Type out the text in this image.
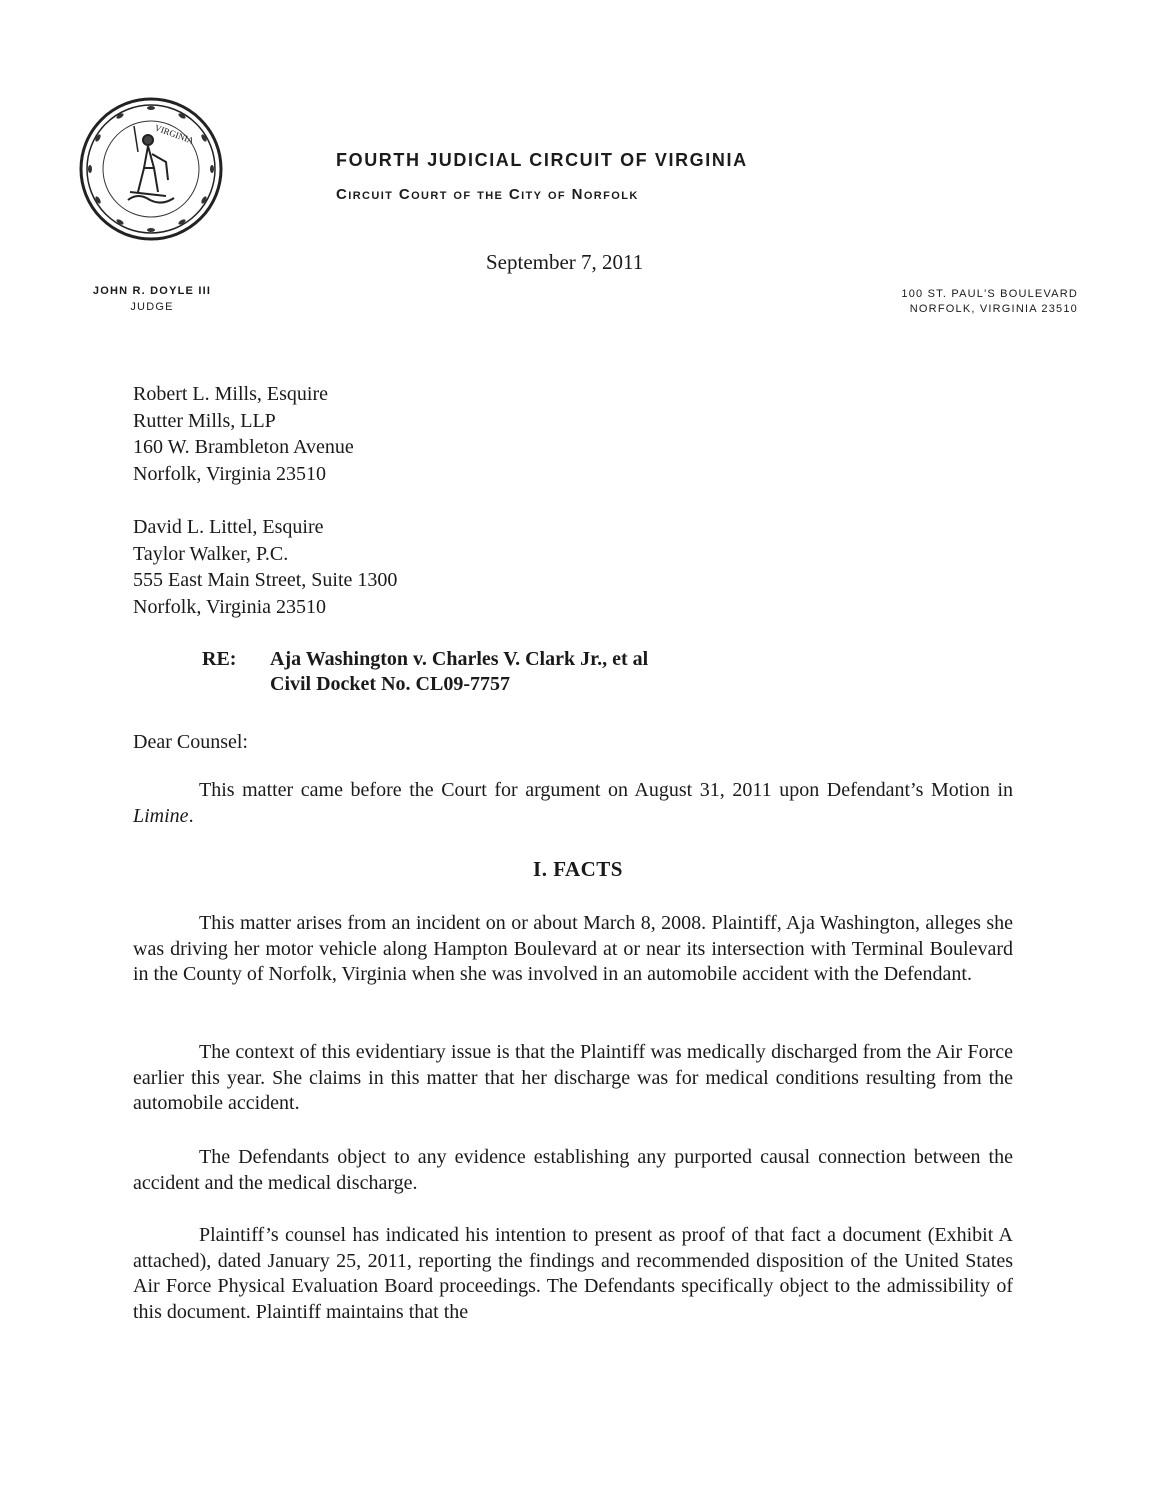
VIRGINIA
FOURTH JUDICIAL CIRCUIT OF VIRGINIA
Circuit Court of the City of Norfolk
September 7, 2011
JOHN R. DOYLE III
JUDGE
100 ST. PAUL'S BOULEVARD
NORFOLK, VIRGINIA 23510
Robert L. Mills, Esquire
Rutter Mills, LLP
160 W. Brambleton Avenue
Norfolk, Virginia 23510
David L. Littel, Esquire
Taylor Walker, P.C.
555 East Main Street, Suite 1300
Norfolk, Virginia 23510
RE: Aja Washington v. Charles V. Clark Jr., et al
Civil Docket No. CL09-7757
Dear Counsel:
This matter came before the Court for argument on August 31, 2011 upon Defendant’s Motion in Limine.
I. FACTS
This matter arises from an incident on or about March 8, 2008. Plaintiff, Aja Washington, alleges she was driving her motor vehicle along Hampton Boulevard at or near its intersection with Terminal Boulevard in the County of Norfolk, Virginia when she was involved in an automobile accident with the Defendant.
The context of this evidentiary issue is that the Plaintiff was medically discharged from the Air Force earlier this year. She claims in this matter that her discharge was for medical conditions resulting from the automobile accident.
The Defendants object to any evidence establishing any purported causal connection between the accident and the medical discharge.
Plaintiff’s counsel has indicated his intention to present as proof of that fact a document (Exhibit A attached), dated January 25, 2011, reporting the findings and recommended disposition of the United States Air Force Physical Evaluation Board proceedings. The Defendants specifically object to the admissibility of this document. Plaintiff maintains that the
